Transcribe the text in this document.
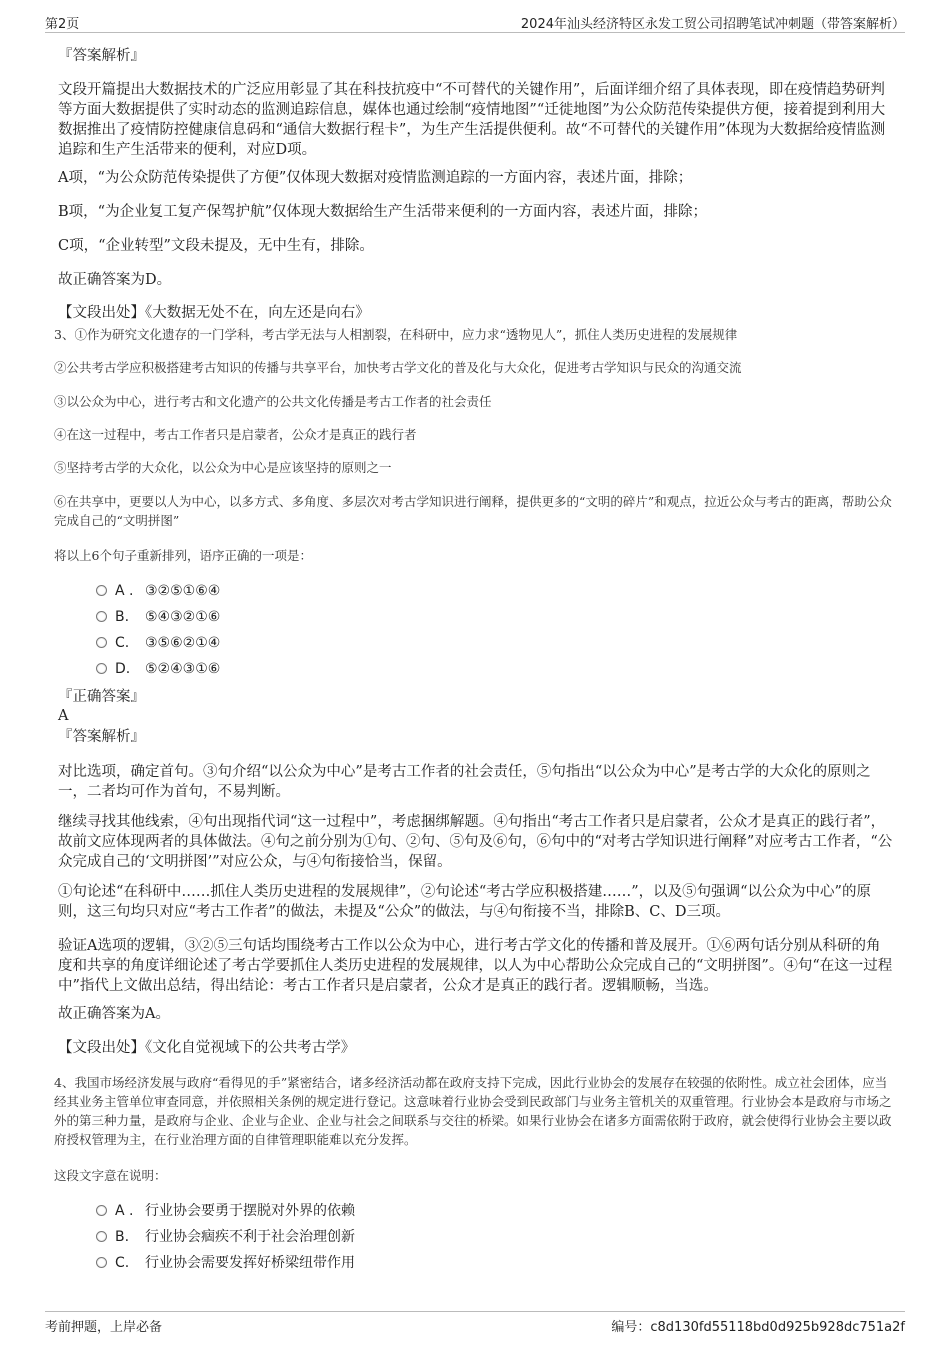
第2页	2024年汕头经济特区永发工贸公司招聘笔试冲刺题（带答案解析）

『答案解析』

文段开篇提出大数据技术的广泛应用彰显了其在科技抗疫中“不可替代的关键作用”，后面详细介绍了具体表现，即在疫情趋势研判等方面大数据提供了实时动态的监测追踪信息，媒体也通过绘制“疫情地图”“迁徙地图”为公众防范传染提供方便，接着提到利用大数据推出了疫情防控健康信息码和“通信大数据行程卡”，为生产生活提供便利。故“不可替代的关键作用”体现为大数据给疫情监测追踪和生产生活带来的便利，对应D项。

A项，“为公众防范传染提供了方便”仅体现大数据对疫情监测追踪的一方面内容，表述片面，排除；

B项，“为企业复工复产保驾护航”仅体现大数据给生产生活带来便利的一方面内容，表述片面，排除；

C项，“企业转型”文段未提及，无中生有，排除。

故正确答案为D。

【文段出处】《大数据无处不在，向左还是向右》

3、①作为研究文化遗存的一门学科，考古学无法与人相割裂，在科研中，应力求“透物见人”，抓住人类历史进程的发展规律

②公共考古学应积极搭建考古知识的传播与共享平台，加快考古学文化的普及化与大众化，促进考古学知识与民众的沟通交流

③以公众为中心，进行考古和文化遗产的公共文化传播是考古工作者的社会责任

④在这一过程中，考古工作者只是启蒙者，公众才是真正的践行者

⑤坚持考古学的大众化，以公众为中心是应该坚持的原则之一

⑥在共享中，更要以人为中心，以多方式、多角度、多层次对考古学知识进行阐释，提供更多的“文明的碎片”和观点，拉近公众与考古的距离，帮助公众完成自己的“文明拼图”

将以上6个句子重新排列，语序正确的一项是：

A . ③②⑤①⑥④
B. ⑤④③②①⑥
C. ③⑤⑥②①④
D. ⑤②④③①⑥

『正确答案』

A

『答案解析』

对比选项，确定首句。③句介绍“以公众为中心”是考古工作者的社会责任，⑤句指出“以公众为中心”是考古学的大众化的原则之一，二者均可作为首句，不易判断。

继续寻找其他线索，④句出现指代词“这一过程中”，考虑捆绑解题。④句指出“考古工作者只是启蒙者，公众才是真正的践行者”，故前文应体现两者的具体做法。④句之前分别为①句、②句、⑤句及⑥句，⑥句中的“对考古学知识进行阐释”对应考古工作者，“公众完成自己的‘文明拼图’”对应公众，与④句衔接恰当，保留。

①句论述“在科研中……抓住人类历史进程的发展规律”，②句论述“考古学应积极搭建……”，以及⑤句强调“以公众为中心”的原则，这三句均只对应“考古工作者”的做法，未提及“公众”的做法，与④句衔接不当，排除B、C、D三项。

验证A选项的逻辑，③②⑤三句话均围绕考古工作以公众为中心，进行考古学文化的传播和普及展开。①⑥两句话分别从科研的角度和共享的角度详细论述了考古学要抓住人类历史进程的发展规律，以人为中心帮助公众完成自己的“文明拼图”。④句“在这一过程中”指代上文做出总结，得出结论：考古工作者只是启蒙者，公众才是真正的践行者。逻辑顺畅，当选。

故正确答案为A。

【文段出处】《文化自觉视域下的公共考古学》

4、我国市场经济发展与政府“看得见的手”紧密结合，诸多经济活动都在政府支持下完成，因此行业协会的发展存在较强的依附性。成立社会团体，应当经其业务主管单位审查同意，并依照相关条例的规定进行登记。这意味着行业协会受到民政部门与业务主管机关的双重管理。行业协会本是政府与市场之外的第三种力量，是政府与企业、企业与企业、企业与社会之间联系与交往的桥梁。如果行业协会在诸多方面需依附于政府，就会使得行业协会主要以政府授权管理为主，在行业治理方面的自律管理职能难以充分发挥。

这段文字意在说明：

A . 行业协会要勇于摆脱对外界的依赖
B. 行业协会痼疾不利于社会治理创新
C. 行业协会需要发挥好桥梁纽带作用
考前押题，上岸必备	编号：c8d130fd55118bd0d925b928dc751a2f
